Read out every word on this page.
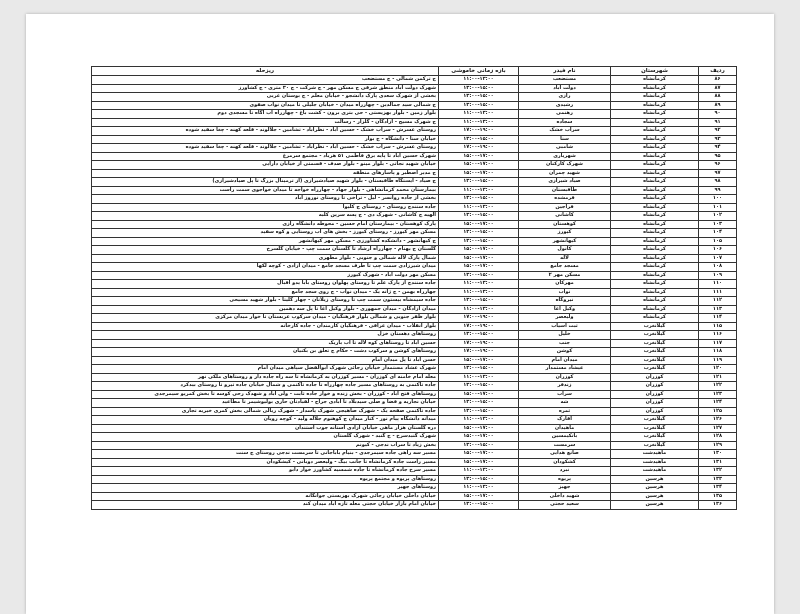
ردیف	شهرستان	نام فیدر	بازه زمانی خاموشی	ریزحله
۸۶	کرمانشاه	مستضعب	۱۱:۰۰-۱۳:۰۰	ج ترکمن شمالی - ج مستضعب
۸۷	کرمانشاه	دولت آباد	۱۳:۰۰-۱۵:۰۰	شهرک دولت آباد منطق شرقی ج مسکن مهر - ج شرکت - ج ۳۰ متری - ج کشاورز
۸۸	کرمانشاه	رازی	۱۳:۰۰-۱۵:۰۰	بخشی از شهرک سعدی پارک دانشجو - خیابان معلم - ج بوستان غربی
۸۹	کرمانشاه	رشیدی	۱۳:۰۰-۱۵:۰۰	ج شمالی سید جمالدین - چهارراه میدان - خیابان جلیلی تا میدان نواب صفوی
۹۰	کرمانشاه	رهنمی	۱۱:۰۰-۱۳:۰۰	بلوار زمین - بلوار بهزیستی - حی بتری برون - کشت باغ - چهارراه آب آگاه تا مسجدی دوم
۹۱	کرمانشاه	سجاده	۱۱:۰۰-۱۳:۰۰	ج شهرک مسیح - آزادگان - گلزار - رسالت
۹۲	کرمانشاه	سراب خشک	۱۷:۰۰-۱۹:۰۰	روستای عسرش - سراب خشک - حسین آباد - نظرآباد - تشامین - جلالوند - قلعه کهنه - چغا سفید شوده
۹۳	کرمانشاه	سنا	۱۳:۰۰-۱۵:۰۰	خیابان سنا - دانشگاه - ج بوار
۹۴	کرمانشاه	شامبی	۱۷:۰۰-۱۹:۰۰	روستای عسرش - سراب خشک - حسین آباد - نظرآباد - تشامین - جلالوند - قلعه کهنه - چغا سفید شوده
۹۵	کرمانشاه	شهریاری	۱۵:۰۰-۱۷:۰۰	شهرک حسین آباد تا پایه برق فاطمی ۵۱ هرباد - مجتمع سرمرغ
۹۶	کرمانشاه	شهرک کارکنان	۱۵:۰۰-۱۷:۰۰	خیابان شهید نجاتی - بلوار مینو - بلوار صدف - قسمتی از خیابان دارایی
۹۷	کرمانشاه	شهید چمران	۱۵:۰۰-۱۷:۰۰	ج مدیر اصطبر و پاسارهای منطقه
۹۸	کرمانشاه	صیاد شیرازی	۱۳:۰۰-۱۵:۰۰	ج صیاد - ایستگاه طاقبستان - بلوار شهید صیادشیرازی (از ترمینال بزرگ تا پل صیادشیرازی)
۹۹	کرمانشاه	طاقبستان	۱۱:۰۰-۱۳:۰۰	بیمارستان محمد کرمانشاهی - بلوار جهاد - چهارراه خواجه تا میدان خواجوی سمت راست
۱۰۰	کرمانشاه	فرمشده	۱۳:۰۰-۱۵:۰۰	بخشی از جاده روانسر - لیل - تراخی تا روستای نوروز آباد
۱۰۱	کرمانشاه	فراجین	۱۱:۰۰-۱۳:۰۰	جاده سنندج روستای - روستای ج کلیوا
۱۰۲	کرمانشاه	کاشانی	۱۳:۰۰-۱۵:۰۰	الهیه ج کاشانی - شهرک دی - ج پسه سرین کلبه
۱۰۳	کرمانشاه	کوهستان	۱۵:۰۰-۱۷:۰۰	پارک کوهستان - بیمارستان امام حسین - محوطه دانشگاه رازی
۱۰۴	کرمانشاه	کیورز	۱۳:۰۰-۱۵:۰۰	مسکن مهر کیورز - روستای کیورز - بخش های آب روستایی و کوه سفید
۱۰۵	کرمانشاه	کیهانشهر	۱۳:۰۰-۱۵:۰۰	ج کیهانشهر - دانشکده کشاورزی - مسکن مهر کیهانشهر
۱۰۶	کرمانشاه	کانول	۱۵:۰۰-۱۷:۰۰	گلستان ج بهنام - چهارراه ارشاد تا گلستان سمت چپ - خیابان گلسرخ
۱۰۷	کرمانشاه	لاله	۱۵:۰۰-۱۷:۰۰	شمال پارک لاله شمالی و جنوبی - بلوار مطهری
۱۰۸	کرمانشاه	مسجد جامع	۱۵:۰۰-۱۷:۰۰	میدان شیرزادی سمت چپ تا طرف مسجد جامع - میدان آزادی - کوچه لکها
۱۰۹	کرمانشاه	مسکن مهر ۲	۱۳:۰۰-۱۵:۰۰	مسکن مهر دولت آباد - شهرک کیورز
۱۱۰	کرمانشاه	مهرکان	۱۱:۰۰-۱۳:۰۰	جاده سنندج از پارک علم تا روستای پهلوان روستای بابا یدو اقبال
۱۱۱	کرمانشاه	نواب	۱۱:۰۰-۱۳:۰۰	چهارراه بهمن - ج ژانه یک - میدان نواب - ج روی سجد جامع
۱۱۲	کرمانشاه	نیروگاه	۱۳:۰۰-۱۵:۰۰	جاده سیمشاه بیستون سمت چپ تا روستای زیلانان - چهار گلیتا - بلوار شهید مسیحی
۱۱۳	کرمانشاه	وکیل آغا	۱۱:۰۰-۱۳:۰۰	میدان آزادگان - میدان جمهوری - بلوار وکیل آغا تا پل سه دهمین
۱۱۴	کرمانشاه	ولیعصر	۱۷:۰۰-۱۹:۰۰	بلوار ظفر جنوبی و شمالی بلوار فرهنگیان - میدان سرکوپ عربستان تا خوار میدان مرکزی
۱۱۵	گیلانغرب	ثبت آسیاب	۱۷:۰۰-۱۹:۰۰	بلوار انقلاب - میدان عراقی - فرهنگیان کارمندان - جاده کارخانه
۱۱۶	گیلانغرب	خلیل	۱۳:۰۰-۱۵:۰۰	روستاهای دهستان خزل
۱۱۷	گیلانغرب	جنب	۱۷:۰۰-۱۹:۰۰	حسین آباد تا روستاهای کوه لاله تا آب باریک
۱۱۸	گیلانغرب	کوشن	۱۷:۰۰-۱۹:۰۰	روستاهای کوشن و سرکوب دشت - حکام ج تعلق بن بکنیان
۱۱۹	گیلانغرب	میدان امام	۱۵:۰۰-۱۷:۰۰	حسن آباد تا پل میدان امام
۱۲۰	گیلانغرب	عیشاد مستمدار	۱۳:۰۰-۱۵:۰۰	شهرک عشاد مستمدار خیابان رجائی شهرک ابوالفضل سپاهی میدان امام
۱۲۱	کوزران	کوزران	۱۱:۰۰-۱۳:۰۰	معله امام خامنه ای کوزران - مسیر کوزران به کرمانشاه تا سه راه جاده دار و روستاهای ملکی نهر
۱۲۲	کوزران	زندفر	۱۳:۰۰-۱۵:۰۰	جاده تاکنمی به روستاهای مسیر جاده چهارراه تا جاده تاکنمی و شمال خیابان جاده تیرو تا روستای بیدکرد
۱۲۳	کوزران	سراب	۱۵:۰۰-۱۷:۰۰	روستاهای فتح آباد - کوزران - بخش زنده و خوار جاده ثابت - ولی آباد و شهدک رحی کوسه تا بخش کمریو سیمرجدی
۱۲۴	کوزران	شه	۱۳:۰۰-۱۵:۰۰	خیابان نجاریه و فضا و صلی سیدبلاد تا آبادی جراح - لفبادتان حاری بولیوشیمر تا مطاعید
۱۲۵	کوزران	ثمره	۱۳:۰۰-۱۵:۰۰	جاده تاکنمی صفحه یک - شهرک صاهیجی شهرک پاسدار - شهرک ریالی شمالی بخش کمری خیریه تجاری
۱۲۶	گیلانغرب	اقارک	۱۱:۰۰-۱۳:۰۰	میدانه دانشگاه پیام نور - کنار میدان ج کوهنوم جلاله ولید - کوچه رویان
۱۲۷	گیلانغرب	ماهیدان	۱۵:۰۰-۱۷:۰۰	دره گلستان هزار ماهی خیابان آزادی آستانه جوب استندان
۱۲۸	گیلانغرب	بانکیمسین	۱۵:۰۰-۱۷:۰۰	شهرک گنبدسرخ - ج گنبد - شهرک گلستان
۱۲۹	گیلانغرب	سرمست	۱۳:۰۰-۱۵:۰۰	بخش زیاد تا سراب ندجی - کیونم
۱۳۰	ماهیدشت	صانع هدایی	۱۵:۰۰-۱۷:۰۰	مسیر سه راهی جاده سیمرجدی - بنیام باباجانی تا سرمست ندجی روستای ج سنت
۱۳۱	ماهیدشت	کشکودان	۱۵:۰۰-۱۷:۰۰	مسیر راست جاده کرمانشاه تا جانب بیگ - ولیعصر دوبانی - کیشکودان
۱۳۲	ماهیدشت	نبرد	۱۱:۰۰-۱۳:۰۰	مسیر سرخ جاده کرمانشاه تا جاده شمسیه کشاورز خوار دابو
۱۳۳	هرسین	پریوه	۱۳:۰۰-۱۵:۰۰	روستاهای پریوه و مجتمع پریوه
۱۳۴	هرسین	جهیز	۱۱:۰۰-۱۳:۰۰	روستاهای جهیر
۱۳۵	هرسین	شهید داخلی	۱۵:۰۰-۱۷:۰۰	خیابان داخلی خیابان رجائی شهرک بهزیستی جوانگانه
۱۳۶	هرسین	سعید حجتی	۱۳:۰۰-۱۵:۰۰	خیابان امام بازار خیابان حجتی معله تازه آباد میدان کند
